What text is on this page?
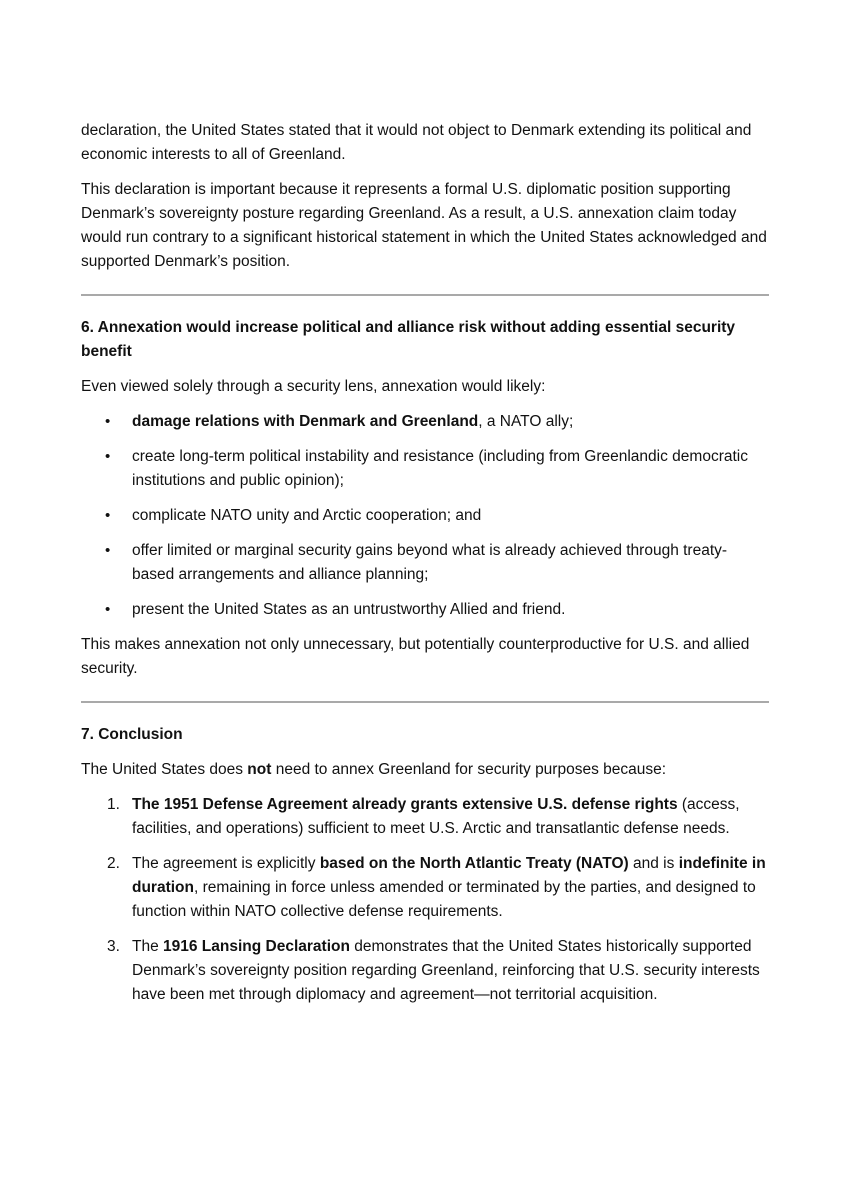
declaration, the United States stated that it would not object to Denmark extending its political and economic interests to all of Greenland.

This declaration is important because it represents a formal U.S. diplomatic position supporting Denmark’s sovereignty posture regarding Greenland. As a result, a U.S. annexation claim today would run contrary to a significant historical statement in which the United States acknowledged and supported Denmark’s position.

6. Annexation would increase political and alliance risk without adding essential security benefit

Even viewed solely through a security lens, annexation would likely:

• damage relations with Denmark and Greenland, a NATO ally;
• create long-term political instability and resistance (including from Greenlandic democratic institutions and public opinion);
• complicate NATO unity and Arctic cooperation; and
• offer limited or marginal security gains beyond what is already achieved through treaty-based arrangements and alliance planning;
• present the United States as an untrustworthy Allied and friend.

This makes annexation not only unnecessary, but potentially counterproductive for U.S. and allied security.

7. Conclusion

The United States does not need to annex Greenland for security purposes because:

1. The 1951 Defense Agreement already grants extensive U.S. defense rights (access, facilities, and operations) sufficient to meet U.S. Arctic and transatlantic defense needs.
2. The agreement is explicitly based on the North Atlantic Treaty (NATO) and is indefinite in duration, remaining in force unless amended or terminated by the parties, and designed to function within NATO collective defense requirements.
3. The 1916 Lansing Declaration demonstrates that the United States historically supported Denmark’s sovereignty position regarding Greenland, reinforcing that U.S. security interests have been met through diplomacy and agreement—not territorial acquisition.
